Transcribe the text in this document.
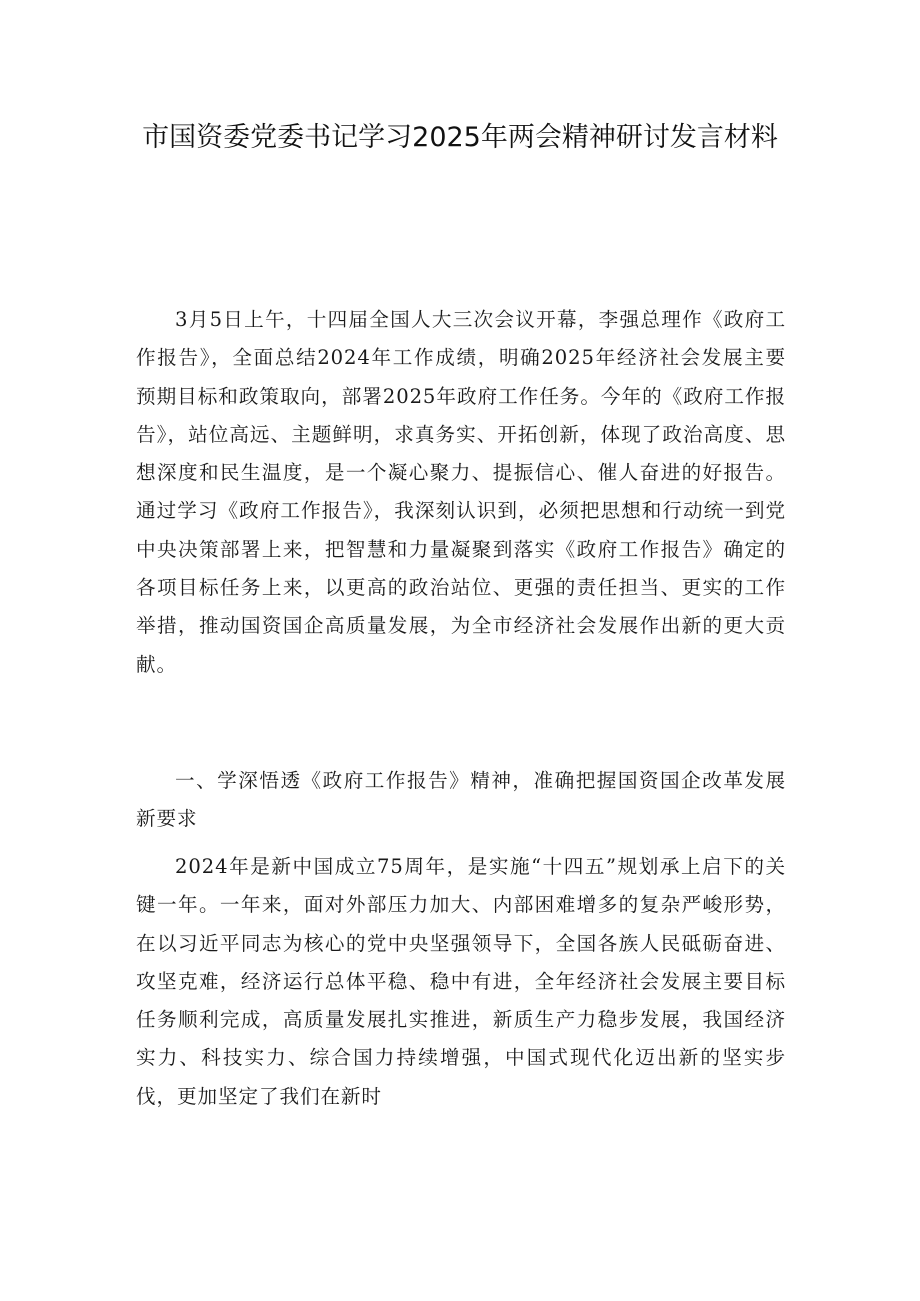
市国资委党委书记学习2025年两会精神研讨发言材料

3月5日上午，十四届全国人大三次会议开幕，李强总理作《政府工作报告》，全面总结2024年工作成绩，明确2025年经济社会发展主要预期目标和政策取向，部署2025年政府工作任务。今年的《政府工作报告》，站位高远、主题鲜明，求真务实、开拓创新，体现了政治高度、思想深度和民生温度，是一个凝心聚力、提振信心、催人奋进的好报告。通过学习《政府工作报告》，我深刻认识到，必须把思想和行动统一到党中央决策部署上来，把智慧和力量凝聚到落实《政府工作报告》确定的各项目标任务上来，以更高的政治站位、更强的责任担当、更实的工作举措，推动国资国企高质量发展，为全市经济社会发展作出新的更大贡献。

一、学深悟透《政府工作报告》精神，准确把握国资国企改革发展新要求

2024年是新中国成立75周年，是实施“十四五”规划承上启下的关键一年。一年来，面对外部压力加大、内部困难增多的复杂严峻形势，在以习近平同志为核心的党中央坚强领导下，全国各族人民砥砺奋进、攻坚克难，经济运行总体平稳、稳中有进，全年经济社会发展主要目标任务顺利完成，高质量发展扎实推进，新质生产力稳步发展，我国经济实力、科技实力、综合国力持续增强，中国式现代化迈出新的坚实步伐，更加坚定了我们在新时
